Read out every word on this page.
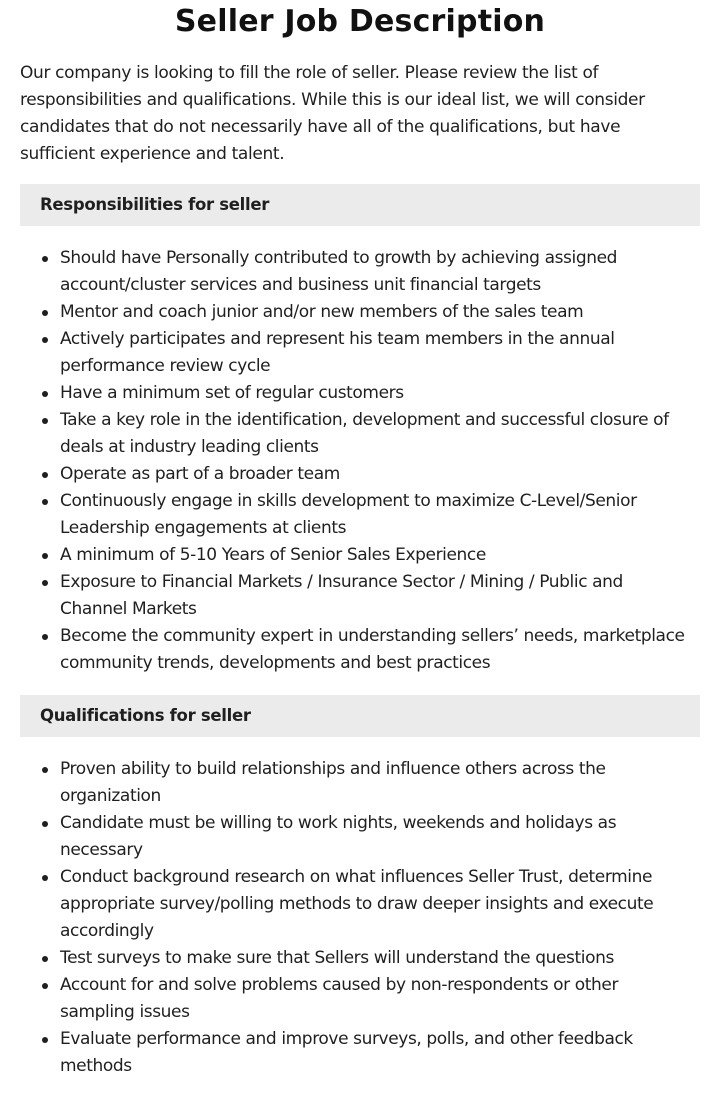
Seller Job Description

Our company is looking to fill the role of seller. Please review the list of responsibilities and qualifications. While this is our ideal list, we will consider candidates that do not necessarily have all of the qualifications, but have sufficient experience and talent.

Responsibilities for seller
Should have Personally contributed to growth by achieving assigned account/cluster services and business unit financial targets
Mentor and coach junior and/or new members of the sales team
Actively participates and represent his team members in the annual performance review cycle
Have a minimum set of regular customers
Take a key role in the identification, development and successful closure of deals at industry leading clients
Operate as part of a broader team
Continuously engage in skills development to maximize C-Level/Senior Leadership engagements at clients
A minimum of 5-10 Years of Senior Sales Experience
Exposure to Financial Markets / Insurance Sector / Mining / Public and Channel Markets
Become the community expert in understanding sellers’ needs, marketplace community trends, developments and best practices
Qualifications for seller
Proven ability to build relationships and influence others across the organization
Candidate must be willing to work nights, weekends and holidays as necessary
Conduct background research on what influences Seller Trust, determine appropriate survey/polling methods to draw deeper insights and execute accordingly
Test surveys to make sure that Sellers will understand the questions
Account for and solve problems caused by non-respondents or other sampling issues
Evaluate performance and improve surveys, polls, and other feedback methods
